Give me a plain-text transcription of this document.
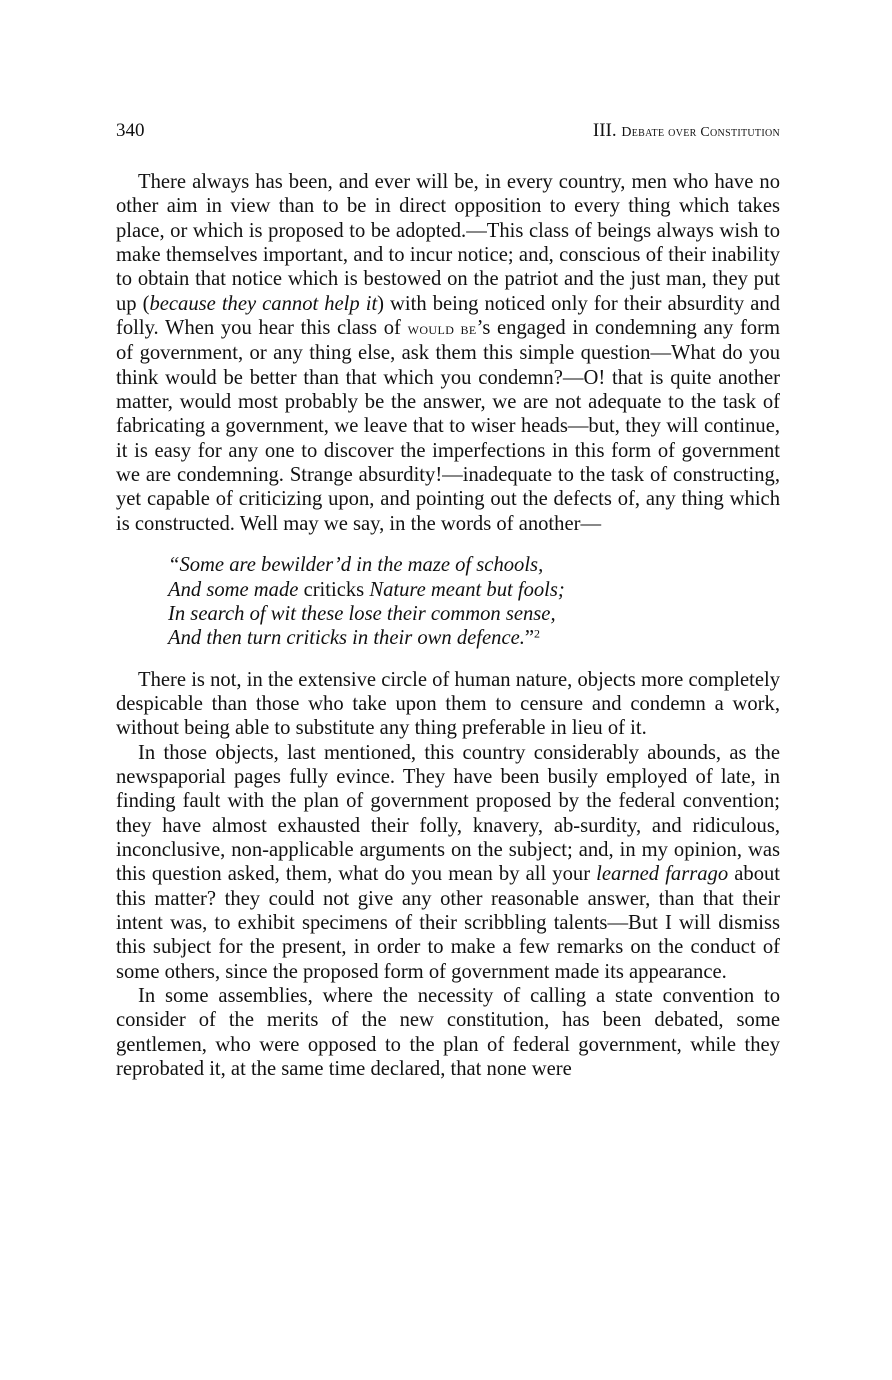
340	III. Debate over Constitution

There always has been, and ever will be, in every country, men who have no other aim in view than to be in direct opposition to every thing which takes place, or which is proposed to be adopted.—This class of beings always wish to make themselves important, and to incur notice; and, conscious of their inability to obtain that notice which is bestowed on the patriot and the just man, they put up (because they cannot help it) with being noticed only for their absurdity and folly. When you hear this class of would be’s engaged in condemning any form of government, or any thing else, ask them this simple question—What do you think would be better than that which you condemn?—O! that is quite another matter, would most probably be the answer, we are not adequate to the task of fabricating a government, we leave that to wiser heads—but, they will continue, it is easy for any one to discover the imperfections in this form of government we are condemning. Strange absurdity!—inadequate to the task of constructing, yet capable of criticizing upon, and pointing out the defects of, any thing which is constructed. Well may we say, in the words of another—

“Some are bewilder’d in the maze of schools,
And some made criticks Nature meant but fools;
In search of wit these lose their common sense,
And then turn criticks in their own defence.”$^2$

There is not, in the extensive circle of human nature, objects more completely despicable than those who take upon them to censure and condemn a work, without being able to substitute any thing preferable in lieu of it.

In those objects, last mentioned, this country considerably abounds, as the newspaporial pages fully evince. They have been busily employed of late, in finding fault with the plan of government proposed by the federal convention; they have almost exhausted their folly, knavery, ab-surdity, and ridiculous, inconclusive, non-applicable arguments on the subject; and, in my opinion, was this question asked, them, what do you mean by all your learned farrago about this matter? they could not give any other reasonable answer, than that their intent was, to exhibit specimens of their scribbling talents—But I will dismiss this subject for the present, in order to make a few remarks on the conduct of some others, since the proposed form of government made its appearance.

In some assemblies, where the necessity of calling a state convention to consider of the merits of the new constitution, has been debated, some gentlemen, who were opposed to the plan of federal government, while they reprobated it, at the same time declared, that none were
